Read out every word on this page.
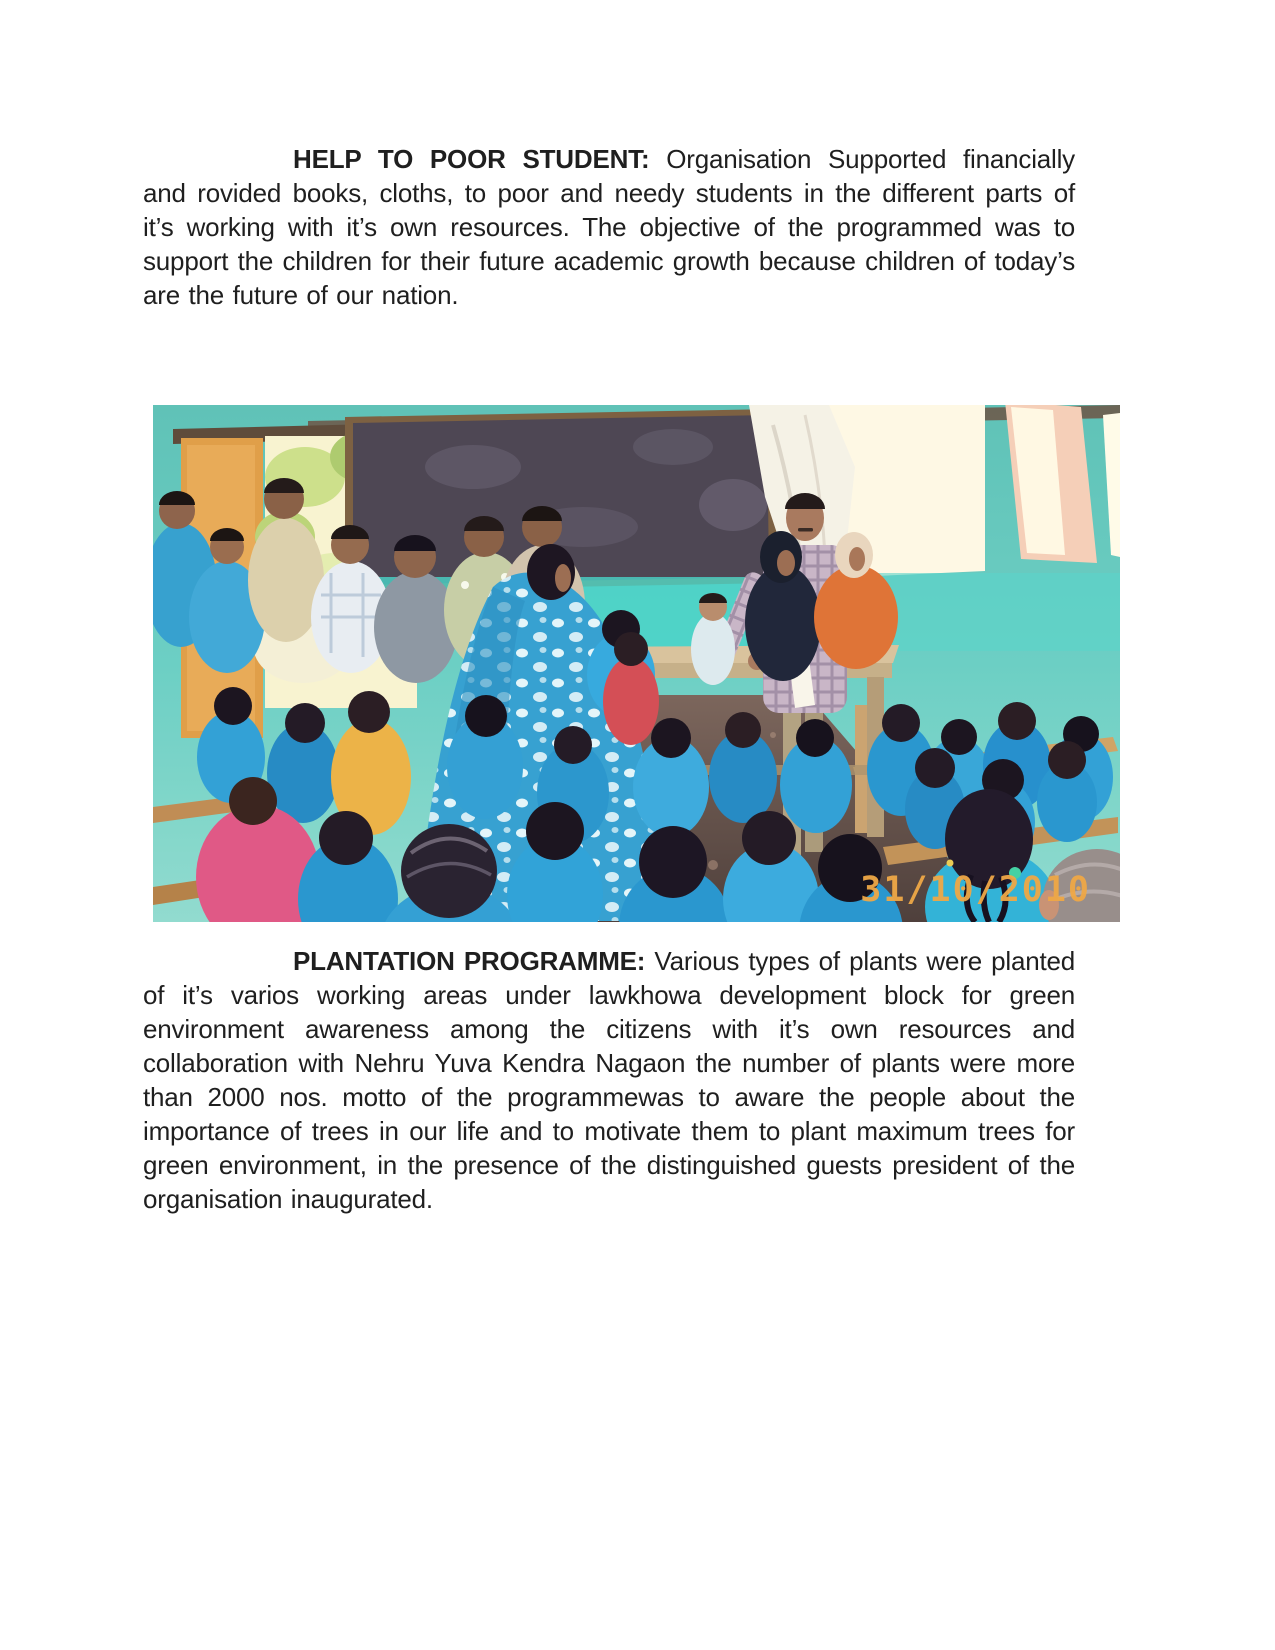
HELP TO POOR STUDENT: Organisation Supported financially and rovided books, cloths, to poor and needy students in the different parts of it’s working with it’s own resources. The objective of the programmed was to support the children for their future academic growth because children of today’s are the future of our nation.

31/10/2010

PLANTATION PROGRAMME: Various types of plants were planted of it’s varios working areas under lawkhowa development block for green environment awareness among the citizens with it’s own resources and collaboration with Nehru Yuva Kendra Nagaon the number of plants were more than 2000 nos. motto of the programmewas to aware the people about the importance of trees in our life and to motivate them to plant maximum trees for green environment, in the presence of the distinguished guests president of the organisation inaugurated.
